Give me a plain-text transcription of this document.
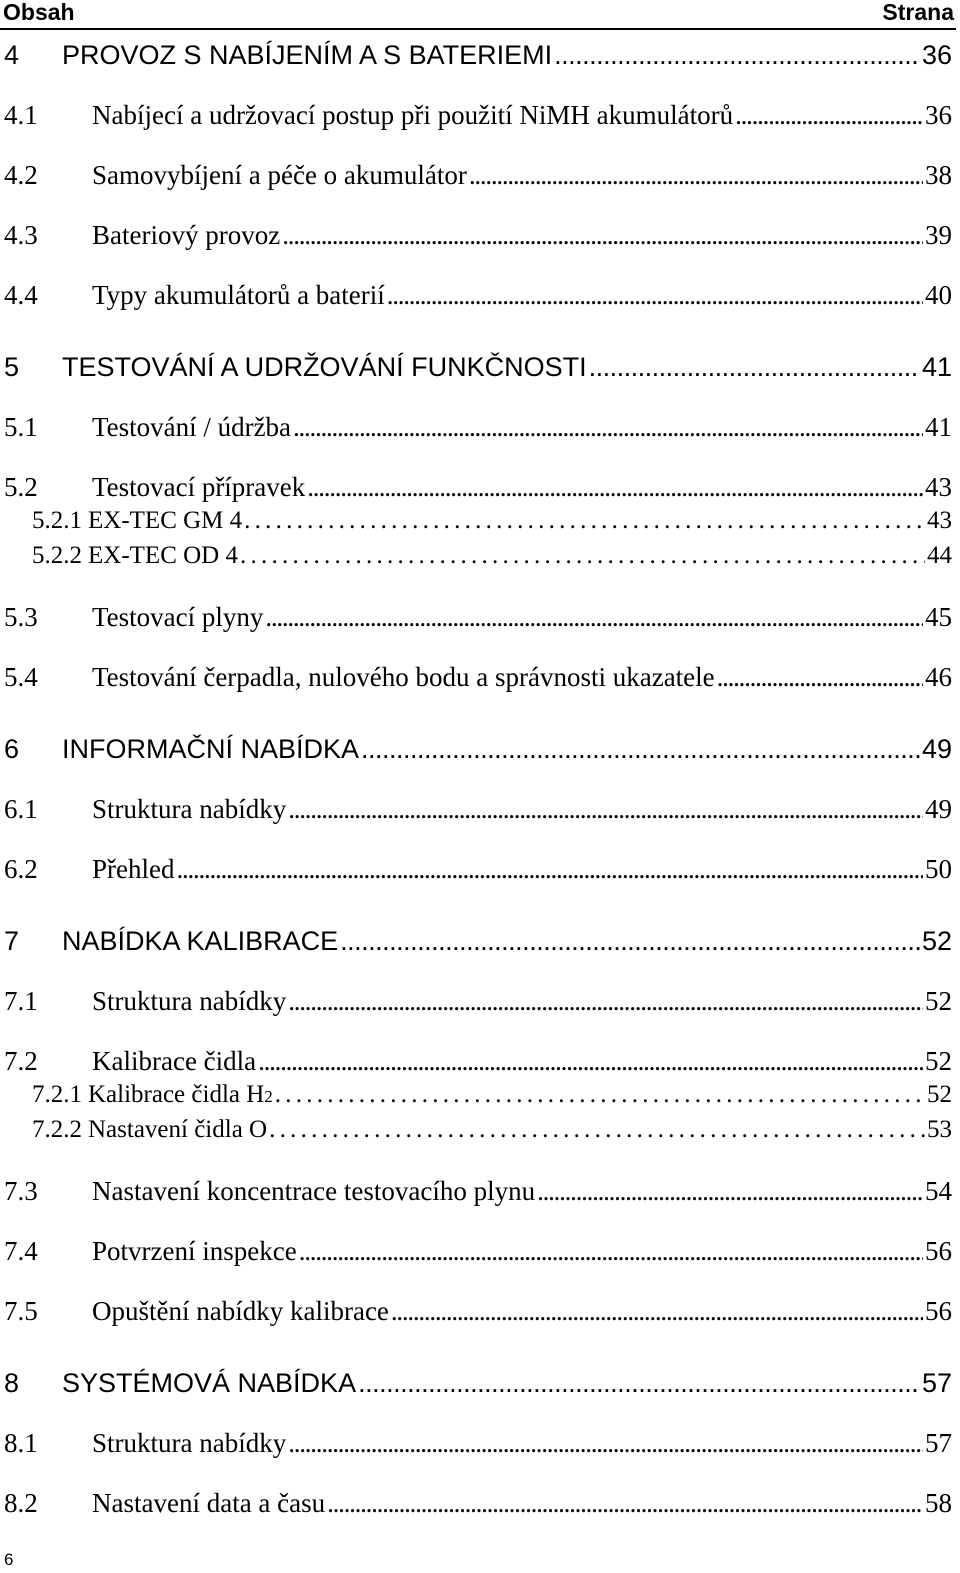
Obsah	Strana
4	PROVOZ S NABÍJENÍM A S BATERIEMI . . .	36
4.1	Nabíjecí a udržovací postup při použití NiMH akumulátorů . . .	36
4.2	Samovybíjení a péče o akumulátor . . .	38
4.3	Bateriový provoz . . .	39
4.4	Typy akumulátorů a baterií . . .	40
5	TESTOVÁNÍ A UDRŽOVÁNÍ FUNKČNOSTI . . .	41
5.1	Testování / údržba . . .	41
5.2	Testovací přípravek . . .	43
5.2.1 EX-TEC GM 4 . . .	43
5.2.2 EX-TEC OD 4 . . .	44
5.3	Testovací plyny . . .	45
5.4	Testování čerpadla, nulového bodu a správnosti ukazatele . . .	46
6	INFORMAČNÍ NABÍDKA . . .	49
6.1	Struktura nabídky . . .	49
6.2	Přehled . . .	50
7	NABÍDKA KALIBRACE . . .	52
7.1	Struktura nabídky . . .	52
7.2	Kalibrace čidla . . .	52
7.2.1 Kalibrace čidla H 2 . . .	52
7.2.2 Nastavení čidla O . . .	53
7.3	Nastavení koncentrace testovacího plynu . . .	54
7.4	Potvrzení inspekce . . .	56
7.5	Opuštění nabídky kalibrace . . .	56
8	SYSTÉMOVÁ NABÍDKA . . .	57
8.1	Struktura nabídky . . .	57
8.2	Nastavení data a času . . .	58
6
